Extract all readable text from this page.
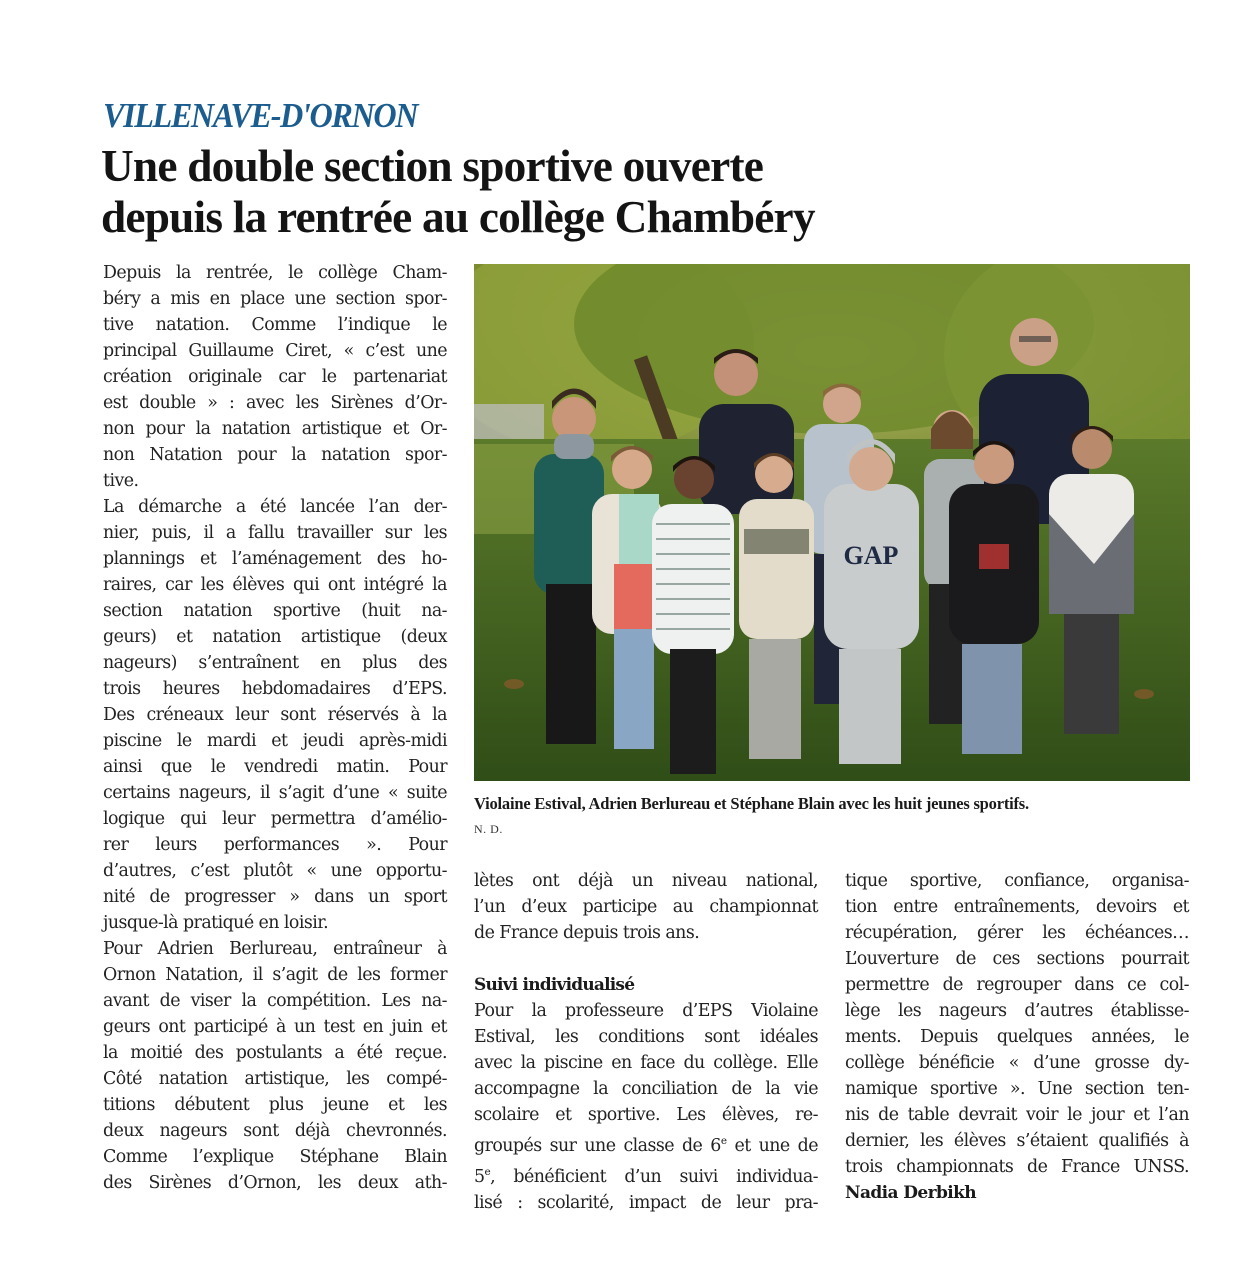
VILLENAVE-D'ORNON
Une double section sportive ouverte
depuis la rentrée au collège Chambéry

Depuis la rentrée, le collège Cham-

béry a mis en place une section spor-

tive natation. Comme l’indique le

principal Guillaume Ciret, « c’est une

création originale car le partenariat

est double » : avec les Sirènes d’Or-

non pour la natation artistique et Or-

non Natation pour la natation spor-

tive.

La démarche a été lancée l’an der-

nier, puis, il a fallu travailler sur les

plannings et l’aménagement des ho-

raires, car les élèves qui ont intégré la

section natation sportive (huit na-

geurs) et natation artistique (deux

nageurs) s’entraînent en plus des

trois heures hebdomadaires d’EPS.

Des créneaux leur sont réservés à la

piscine le mardi et jeudi après-midi

ainsi que le vendredi matin. Pour

certains nageurs, il s’agit d’une « suite

logique qui leur permettra d’amélio-

rer leurs performances ». Pour

d’autres, c’est plutôt « une opportu-

nité de progresser » dans un sport

jusque-là pratiqué en loisir.

Pour Adrien Berlureau, entraîneur à

Ornon Natation, il s’agit de les former

avant de viser la compétition. Les na-

geurs ont participé à un test en juin et

la moitié des postulants a été reçue.

Côté natation artistique, les compé-

titions débutent plus jeune et les

deux nageurs sont déjà chevronnés.

Comme l’explique Stéphane Blain

des Sirènes d’Ornon, les deux ath-

GAP
Violaine Estival, Adrien Berlureau et Stéphane Blain avec les huit jeunes sportifs.
N. D.

lètes ont déjà un niveau national,

l’un d’eux participe au championnat

de France depuis trois ans.

Suivi individualisé

Pour la professeure d’EPS Violaine

Estival, les conditions sont idéales

avec la piscine en face du collège. Elle

accompagne la conciliation de la vie

scolaire et sportive. Les élèves, re-

groupés sur une classe de 6e et une de

5e, bénéficient d’un suivi individua-

lisé : scolarité, impact de leur pra-

tique sportive, confiance, organisa-

tion entre entraînements, devoirs et

récupération, gérer les échéances…

L’ouverture de ces sections pourrait

permettre de regrouper dans ce col-

lège les nageurs d’autres établisse-

ments. Depuis quelques années, le

collège bénéficie « d’une grosse dy-

namique sportive ». Une section ten-

nis de table devrait voir le jour et l’an

dernier, les élèves s’étaient qualifiés à

trois championnats de France UNSS.

Nadia Derbikh
